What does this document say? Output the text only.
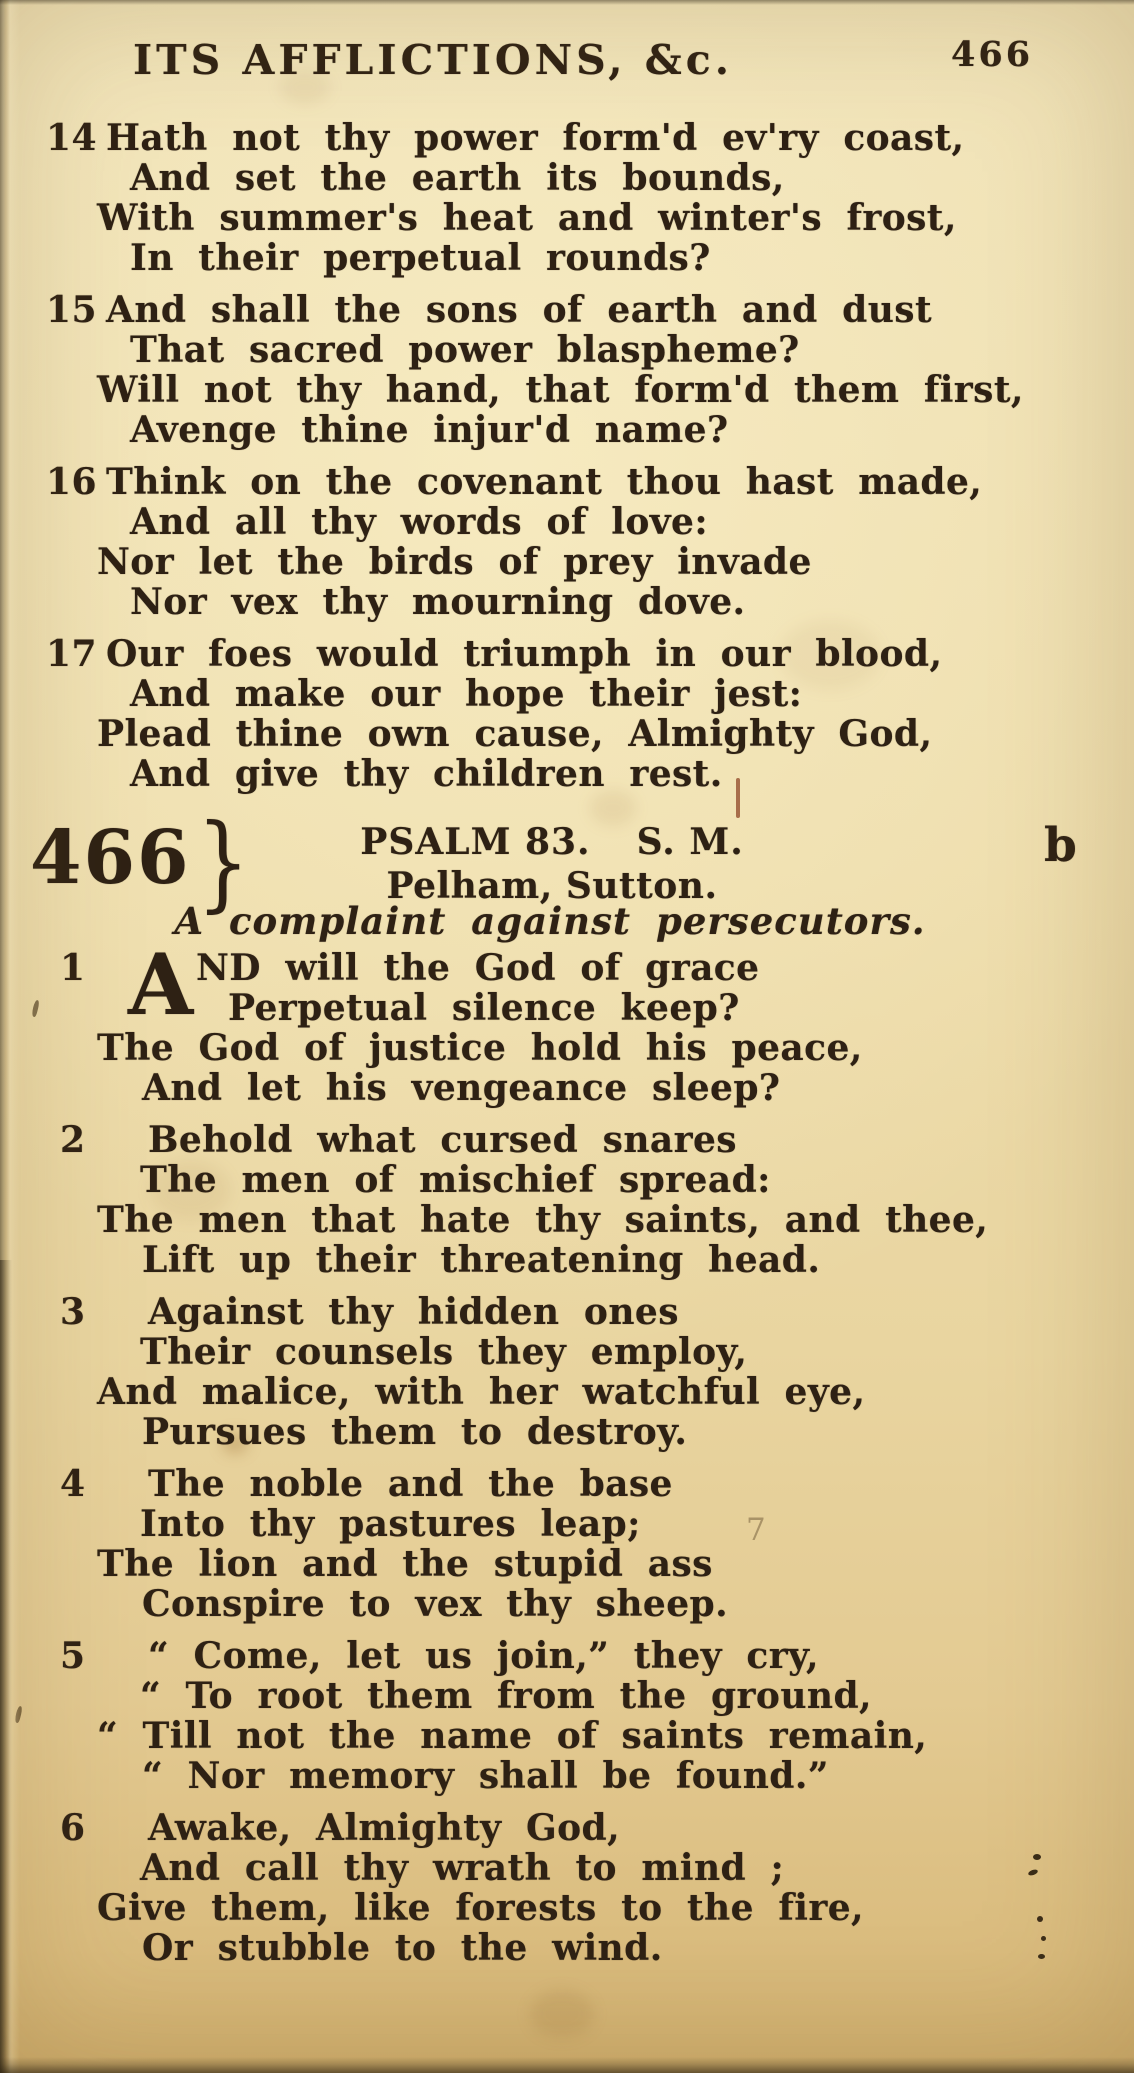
7
ITS AFFLICTIONS, &c.	466
14 Hath not thy power form'd ev'ry coast,
And set the earth its bounds,
With summer's heat and winter's frost,
In their perpetual rounds?
15 And shall the sons of earth and dust
That sacred power blaspheme?
Will not thy hand, that form'd them first,
Avenge thine injur'd name?
16 Think on the covenant thou hast made,
And all thy words of love:
Nor let the birds of prey invade
Nor vex thy mourning dove.
17 Our foes would triumph in our blood,
And make our hope their jest:
Plead thine own cause, Almighty God,
And give thy children rest.
466 }	PSALM 83. S. M.
Pelham, Sutton.
b
A complaint against persecutors.
1 A ND will the God of grace
Perpetual silence keep?
The God of justice hold his peace,
And let his vengeance sleep?
2	Behold what cursed snares
The men of mischief spread:
The men that hate thy saints, and thee,
Lift up their threatening head.
3	Against thy hidden ones
Their counsels they employ,
And malice, with her watchful eye,
Pursues them to destroy.
4	The noble and the base
Into thy pastures leap;
The lion and the stupid ass
Conspire to vex thy sheep.
5	“ Come, let us join,” they cry,
“ To root them from the ground,
“ Till not the name of saints remain,
“ Nor memory shall be found.”
6	Awake, Almighty God,
And call thy wrath to mind ;
Give them, like forests to the fire,
Or stubble to the wind.
